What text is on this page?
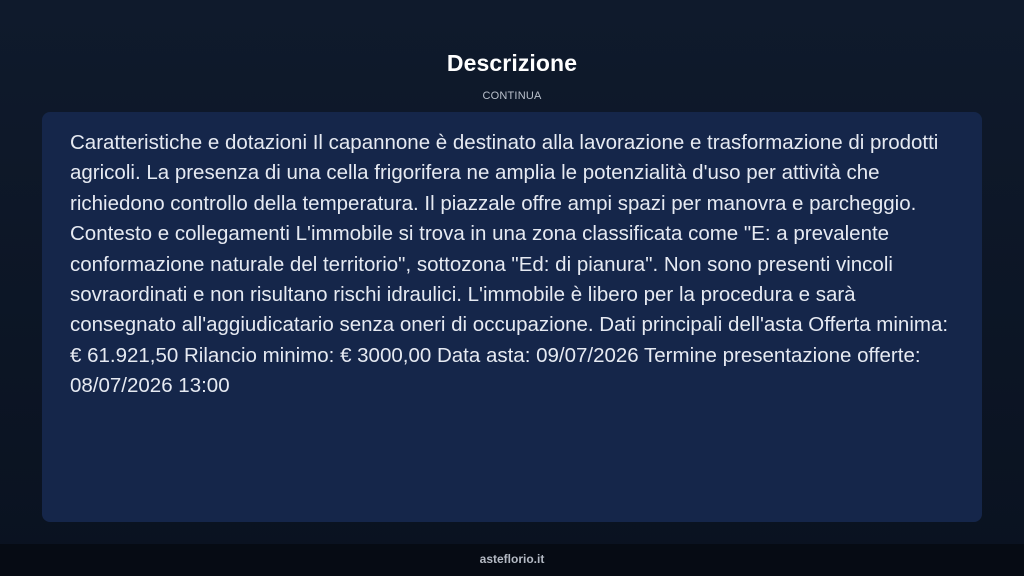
Descrizione
CONTINUA

Caratteristiche e dotazioni Il capannone è destinato alla lavorazione e trasformazione di prodotti agricoli. La presenza di una cella frigorifera ne amplia le potenzialità d'uso per attività che richiedono controllo della temperatura. Il piazzale offre ampi spazi per manovra e parcheggio. Contesto e collegamenti L'immobile si trova in una zona classificata come "E: a prevalente conformazione naturale del territorio", sottozona "Ed: di pianura". Non sono presenti vincoli sovraordinati e non risultano rischi idraulici. L'immobile è libero per la procedura e sarà consegnato all'aggiudicatario senza oneri di occupazione. Dati principali dell'asta Offerta minima: € 61.921,50 Rilancio minimo: € 3000,00 Data asta: 09/07/2026 Termine presentazione offerte: 08/07/2026 13:00

asteflorio.it
